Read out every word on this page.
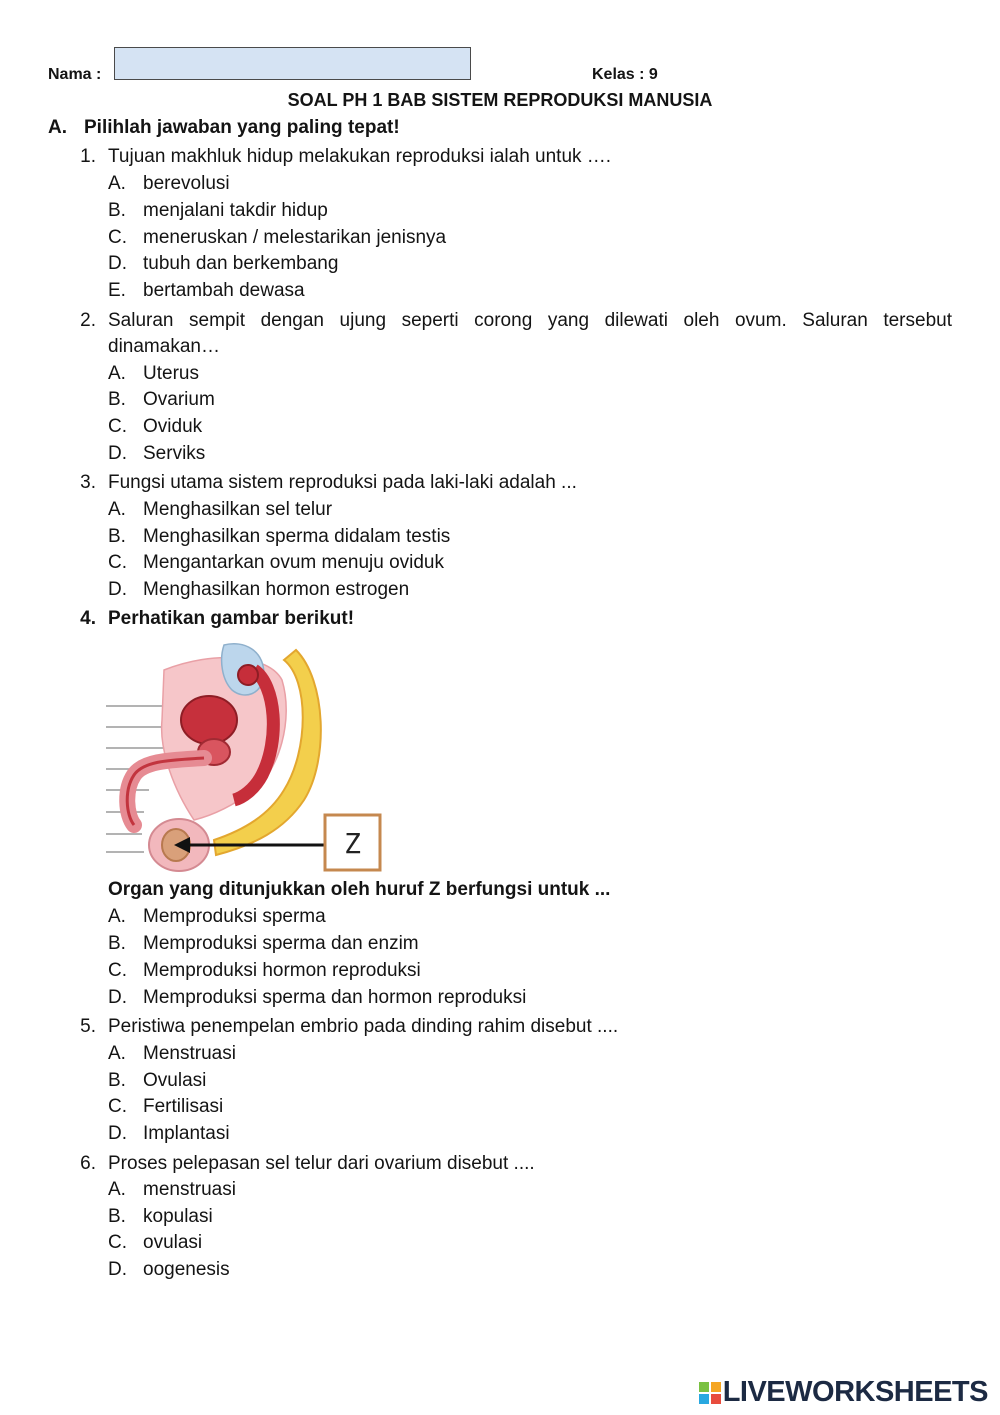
Nama :	Kelas : 9
SOAL PH 1 BAB SISTEM REPRODUKSI MANUSIA
A. Pilihlah jawaban yang paling tepat!
1. Tujuan makhluk hidup melakukan reproduksi ialah untuk ….
A. berevolusi
B. menjalani takdir hidup
C. meneruskan / melestarikan jenisnya
D. tubuh dan berkembang
E. bertambah dewasa
2. Saluran sempit dengan ujung seperti corong yang dilewati oleh ovum. Saluran tersebut
dinamakan…
A. Uterus
B. Ovarium
C. Oviduk
D. Serviks
3. Fungsi utama sistem reproduksi pada laki-laki adalah ...
A. Menghasilkan sel telur
B. Menghasilkan sperma didalam testis
C. Mengantarkan ovum menuju oviduk
D. Menghasilkan hormon estrogen
4. Perhatikan gambar berikut!
Z
Organ yang ditunjukkan oleh huruf Z berfungsi untuk ...
A. Memproduksi sperma
B. Memproduksi sperma dan enzim
C. Memproduksi hormon reproduksi
D. Memproduksi sperma dan hormon reproduksi
5. Peristiwa penempelan embrio pada dinding rahim disebut ....
A. Menstruasi
B. Ovulasi
C. Fertilisasi
D. Implantasi
6. Proses pelepasan sel telur dari ovarium disebut ....
A. menstruasi
B. kopulasi
C. ovulasi
D. oogenesis
LIVEWORKSHEETS
